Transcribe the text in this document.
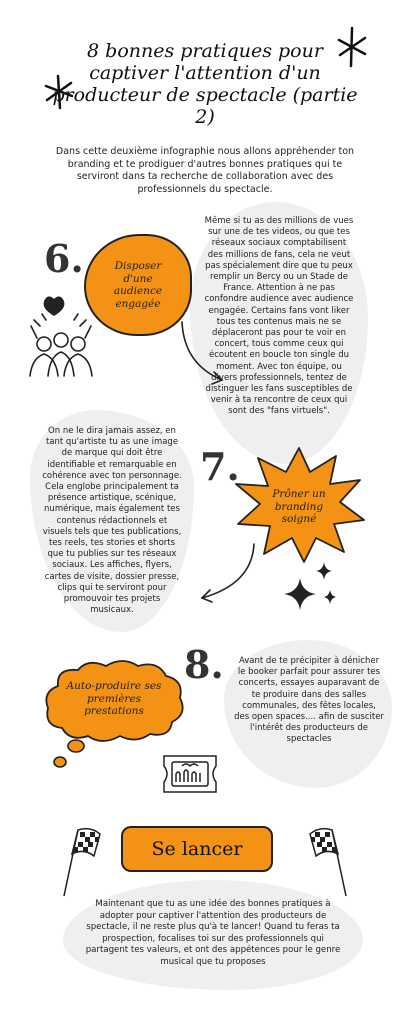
8 bonnes pratiques pour captiver l'attention d'un producteur de spectacle (partie 2)
Dans cette deuxième infographie nous allons appréhender ton branding et te prodiguer d'autres bonnes pratiques qui te serviront dans ta recherche de collaboration avec des professionnels du spectacle.
Même si tu as des millions de vues sur une de tes videos, ou que tes réseaux sociaux comptabilisent des millions de fans, cela ne veut pas spécialement dire que tu peux remplir un Bercy ou un Stade de France. Attention à ne pas confondre audience avec audience engagée. Certains fans vont liker tous tes contenus mais ne se déplaceront pas pour te voir en concert, tous comme ceux qui écoutent en boucle ton single du moment. Avec ton équipe, ou divers professionnels, tentez de distinguer les fans susceptibles de venir à ta rencontre de ceux qui sont des "fans virtuels".
6.	Disposer d'une audience engagée
On ne le dira jamais assez, en tant qu'artiste tu as une image de marque qui doit être identifiable et remarquable en cohérence avec ton personnage. Cela englobe principalement ta présence artistique, scénique, numérique, mais également tes contenus rédactionnels et visuels tels que tes publications, tes reels, tes stories et shorts que tu publies sur tes réseaux sociaux. Les affiches, flyers, cartes de visite, dossier presse, clips qui te serviront pour promouvoir tes projets musicaux.
7.
Prôner un branding soigné
8.	Avant de te précipiter à dénicher le booker parfait pour assurer tes concerts, essayes auparavant de te produire dans des salles communales, des fêtes locales, des open spaces.... afin de susciter l'intérêt des producteurs de spectacles
Auto-produire ses premières prestations
Se lancer
Maintenant que tu as une idée des bonnes pratiques à adopter pour captiver l'attention des producteurs de spectacle, il ne reste plus qu'à te lancer! Quand tu feras ta prospection, focalises toi sur des professionnels qui partagent tes valeurs, et ont des appétences pour le genre musical que tu proposes
